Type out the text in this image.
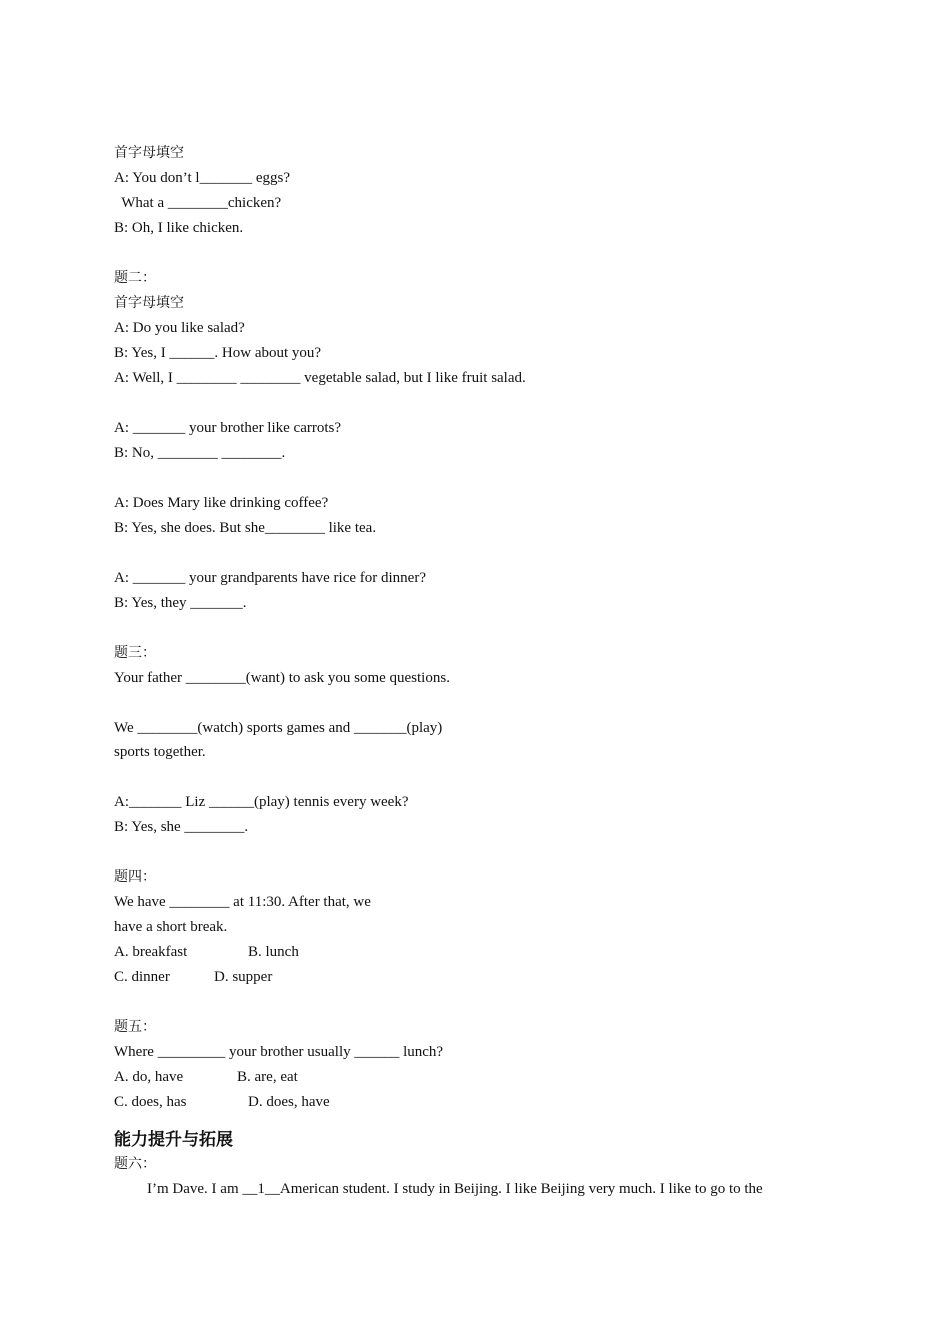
首字母填空
A: You don’t l_______ eggs?
What a ________chicken?
B: Oh, I like chicken.
题二：
首字母填空
A: Do you like salad?
B: Yes, I ______. How about you?
A: Well, I ________ ________ vegetable salad, but I like fruit salad.
A: _______ your brother like carrots?
B: No, ________ ________.
A: Does Mary like drinking coffee?
B: Yes, she does. But she________ like tea.
A: _______ your grandparents have rice for dinner?
B: Yes, they _______.
题三：
Your father ________(want) to ask you some questions.
We ________(watch) sports games and _______(play)
sports together.
A:_______ Liz ______(play) tennis every week?
B: Yes, she ________.
题四：
We have ________ at 11:30. After that, we
have a short break.
A. breakfast	B. lunch
C. dinner	D. supper
题五：
Where _________ your brother usually ______ lunch?
A. do, have	B. are, eat
C. does, has	D. does, have
能力提升与拓展
题六：
I’m Dave. I am __1__American student. I study in Beijing. I like Beijing very much. I like to go to the
